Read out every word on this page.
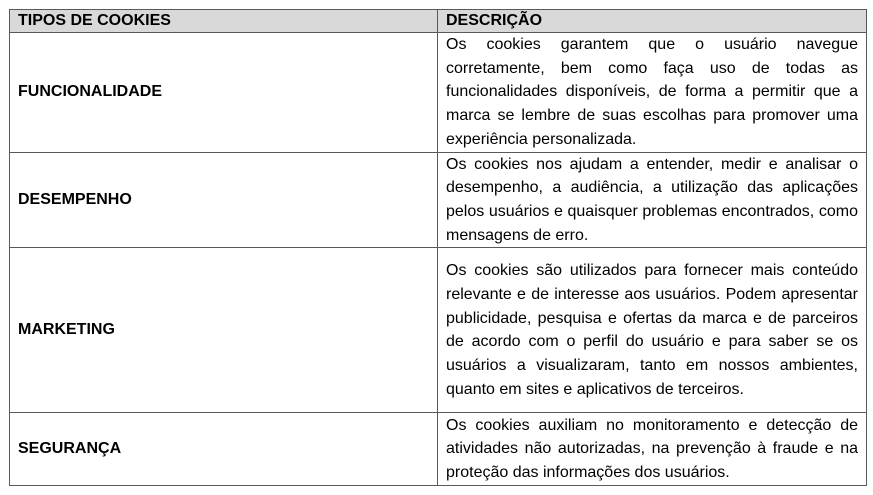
TIPOS DE COOKIES	DESCRIÇÃO
FUNCIONALIDADE	Os cookies garantem que o usuário navegue corretamente, bem como faça uso de todas as funcionalidades disponíveis, de forma a permitir que a marca se lembre de suas escolhas para promover uma experiência personalizada.
DESEMPENHO	Os cookies nos ajudam a entender, medir e analisar o desempenho, a audiência, a utilização das aplicações pelos usuários e quaisquer problemas encontrados, como mensagens de erro.
MARKETING	Os cookies são utilizados para fornecer mais conteúdo relevante e de interesse aos usuários. Podem apresentar publicidade, pesquisa e ofertas da marca e de parceiros de acordo com o perfil do usuário e para saber se os usuários a visualizaram, tanto em nossos ambientes, quanto em sites e aplicativos de terceiros.
SEGURANÇA	Os cookies auxiliam no monitoramento e detecção de atividades não autorizadas, na prevenção à fraude e na proteção das informações dos usuários.
